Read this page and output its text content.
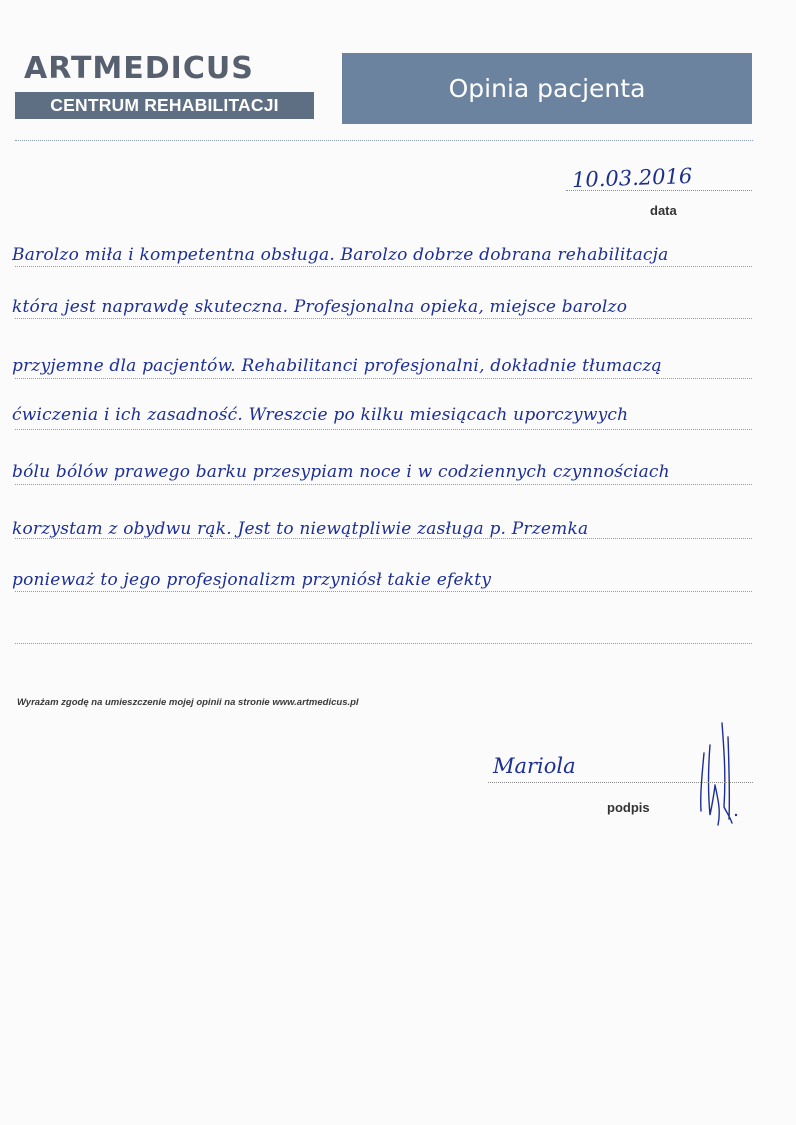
ARTMEDICUS
CENTRUM REHABILITACJI
Opinia pacjenta
10.03.2016
data
Barolzo miła i kompetentna obsługa. Barolzo dobrze dobrana rehabilitacja
która jest naprawdę skuteczna. Profesjonalna opieka, miejsce barolzo
przyjemne dla pacjentów. Rehabilitanci profesjonalni, dokładnie tłumaczą
ćwiczenia i ich zasadność. Wreszcie po kilku miesiącach uporczywych
bólu bólów prawego barku przesypiam noce i w codziennych czynnościach
korzystam z obydwu rąk. Jest to niewątpliwie zasługa p. Przemka
ponieważ to jego profesjonalizm przyniósł takie efekty
Wyrażam zgodę na umieszczenie mojej opinii na stronie www.artmedicus.pl
Mariola
podpis
